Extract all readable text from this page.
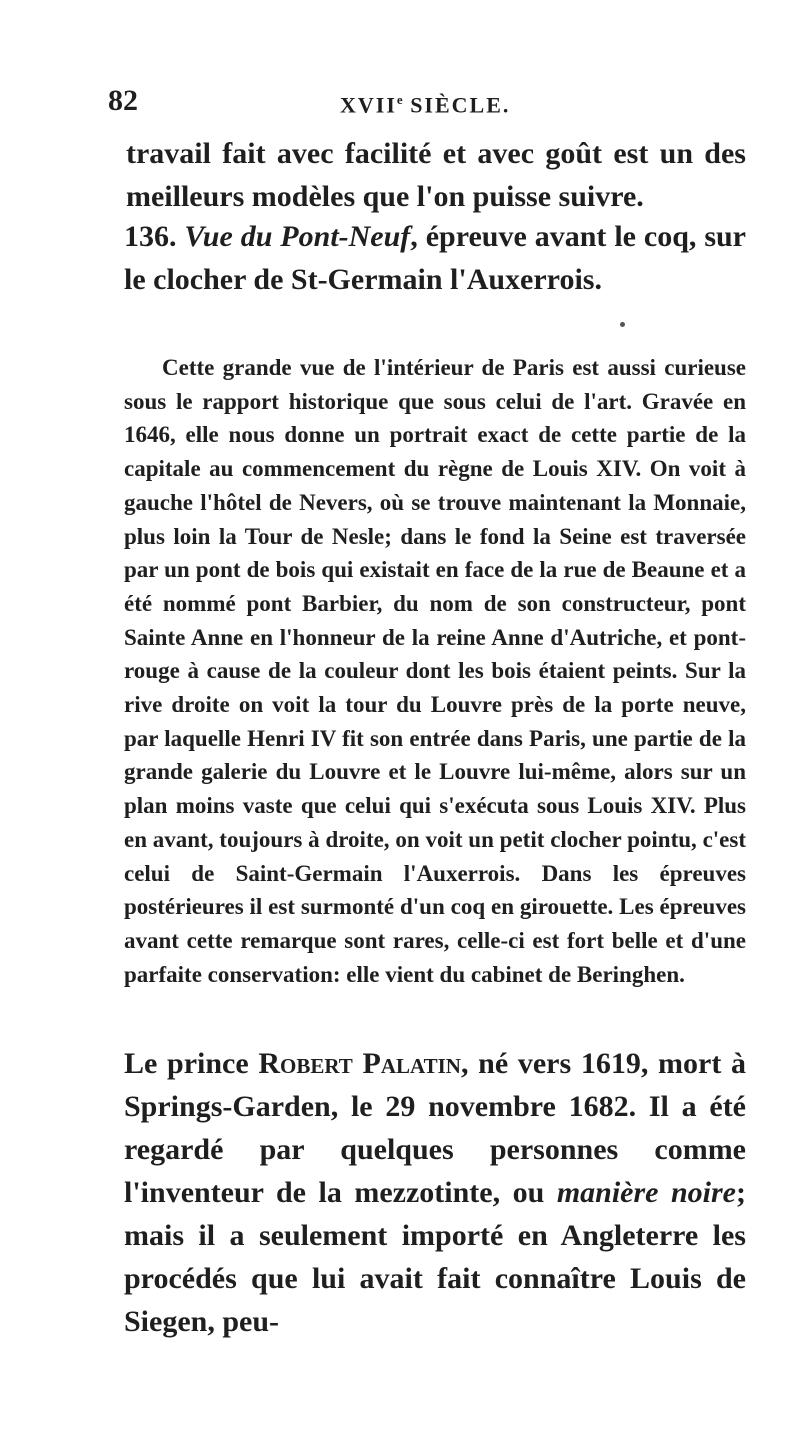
82	XVIIe SIÈCLE.

travail fait avec facilité et avec goût est un des meilleurs modèles que l'on puisse suivre.

136. Vue du Pont-Neuf, épreuve avant le coq, sur le clocher de St-Germain l'Auxerrois.

Cette grande vue de l'intérieur de Paris est aussi curieuse sous le rapport historique que sous celui de l'art. Gravée en 1646, elle nous donne un portrait exact de cette partie de la capitale au commencement du règne de Louis XIV. On voit à gauche l'hôtel de Nevers, où se trouve maintenant la Monnaie, plus loin la Tour de Nesle; dans le fond la Seine est traversée par un pont de bois qui existait en face de la rue de Beaune et a été nommé pont Barbier, du nom de son constructeur, pont Sainte Anne en l'honneur de la reine Anne d'Autriche, et pont-rouge à cause de la couleur dont les bois étaient peints. Sur la rive droite on voit la tour du Louvre près de la porte neuve, par laquelle Henri IV fit son entrée dans Paris, une partie de la grande galerie du Louvre et le Louvre lui-même, alors sur un plan moins vaste que celui qui s'exécuta sous Louis XIV. Plus en avant, toujours à droite, on voit un petit clocher pointu, c'est celui de Saint-Germain l'Auxerrois. Dans les épreuves postérieures il est surmonté d'un coq en girouette. Les épreuves avant cette remarque sont rares, celle-ci est fort belle et d'une parfaite conservation: elle vient du cabinet de Beringhen.

Le prince Robert Palatin, né vers 1619, mort à Springs-Garden, le 29 novembre 1682. Il a été regardé par quelques personnes comme l'inventeur de la mezzotinte, ou manière noire; mais il a seulement importé en Angleterre les procédés que lui avait fait connaître Louis de Siegen, peu-
